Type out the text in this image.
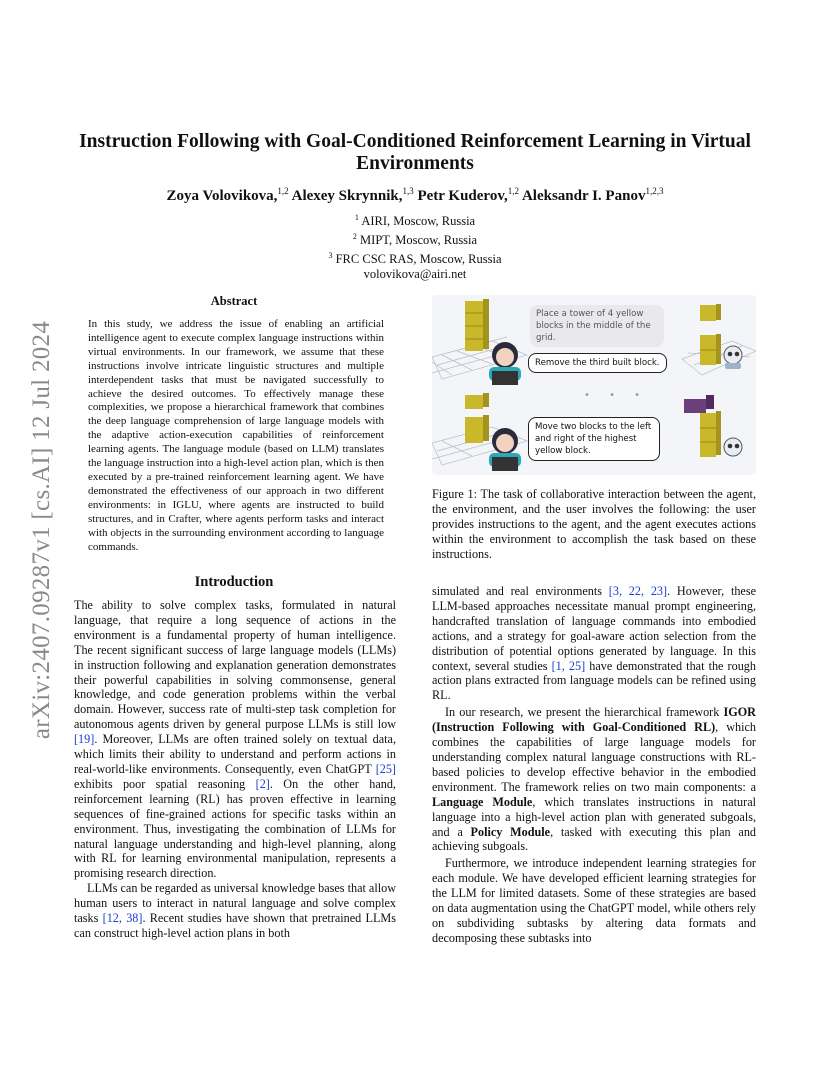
arXiv:2407.09287v1 [cs.AI] 12 Jul 2024
Instruction Following with Goal-Conditioned Reinforcement Learning in Virtual Environments
Zoya Volovikova,$^{1,2}$ Alexey Skrynnik,$^{1,3}$ Petr Kuderov,$^{1,2}$ Aleksandr I. Panov$^{1,2,3}$
$^1$ AIRI, Moscow, Russia
$^2$ MIPT, Moscow, Russia
$^3$ FRC CSC RAS, Moscow, Russia
volovikova@airi.net
Abstract
In this study, we address the issue of enabling an artificial intelligence agent to execute complex language instructions within virtual environments. In our framework, we assume that these instructions involve intricate linguistic structures and multiple interdependent tasks that must be navigated successfully to achieve the desired outcomes. To effectively manage these complexities, we propose a hierarchical framework that combines the deep language comprehension of large language models with the adaptive action-execution capabilities of reinforcement learning agents. The language module (based on LLM) translates the language instruction into a high-level action plan, which is then executed by a pre-trained reinforcement learning agent. We have demonstrated the effectiveness of our approach in two different environments: in IGLU, where agents are instructed to build structures, and in Crafter, where agents perform tasks and interact with objects in the surrounding environment according to language commands.
Introduction

The ability to solve complex tasks, formulated in natural language, that require a long sequence of actions in the environment is a fundamental property of human intelligence. The recent significant success of large language models (LLMs) in instruction following and explanation generation demonstrates their powerful capabilities in solving commonsense, general knowledge, and code generation problems within the verbal domain. However, success rate of multi-step task completion for autonomous agents driven by general purpose LLMs is still low [19]. Moreover, LLMs are often trained solely on textual data, which limits their ability to understand and perform actions in real-world-like environments. Consequently, even ChatGPT [25] exhibits poor spatial reasoning [2]. On the other hand, reinforcement learning (RL) has proven effective in learning sequences of fine-grained actions for specific tasks within an environment. Thus, investigating the combination of LLMs for natural language understanding and high-level planning, along with RL for learning environmental manipulation, represents a promising research direction.

LLMs can be regarded as universal knowledge bases that allow human users to interact in natural language and solve complex tasks [12, 38]. Recent studies have shown that pretrained LLMs can construct high-level action plans in both

Place a tower of 4 yellow blocks in the middle of the grid.
Remove the third built block.
• • •
Move two blocks to the left and right of the highest yellow block.
Figure 1: The task of collaborative interaction between the agent, the environment, and the user involves the following: the user provides instructions to the agent, and the agent executes actions within the environment to accomplish the task based on these instructions.

simulated and real environments [3, 22, 23]. However, these LLM-based approaches necessitate manual prompt engineering, handcrafted translation of language commands into embodied actions, and a strategy for goal-aware action selection from the distribution of potential options generated by language. In this context, several studies [1, 25] have demonstrated that the rough action plans extracted from language models can be refined using RL.

In our research, we present the hierarchical framework IGOR (Instruction Following with Goal-Conditioned RL), which combines the capabilities of large language models for understanding complex natural language constructions with RL-based policies to develop effective behavior in the embodied environment. The framework relies on two main components: a Language Module, which translates instructions in natural language into a high-level action plan with generated subgoals, and a Policy Module, tasked with executing this plan and achieving subgoals.

Furthermore, we introduce independent learning strategies for each module. We have developed efficient learning strategies for the LLM for limited datasets. Some of these strategies are based on data augmentation using the ChatGPT model, while others rely on subdividing subtasks by altering data formats and decomposing these subtasks into
